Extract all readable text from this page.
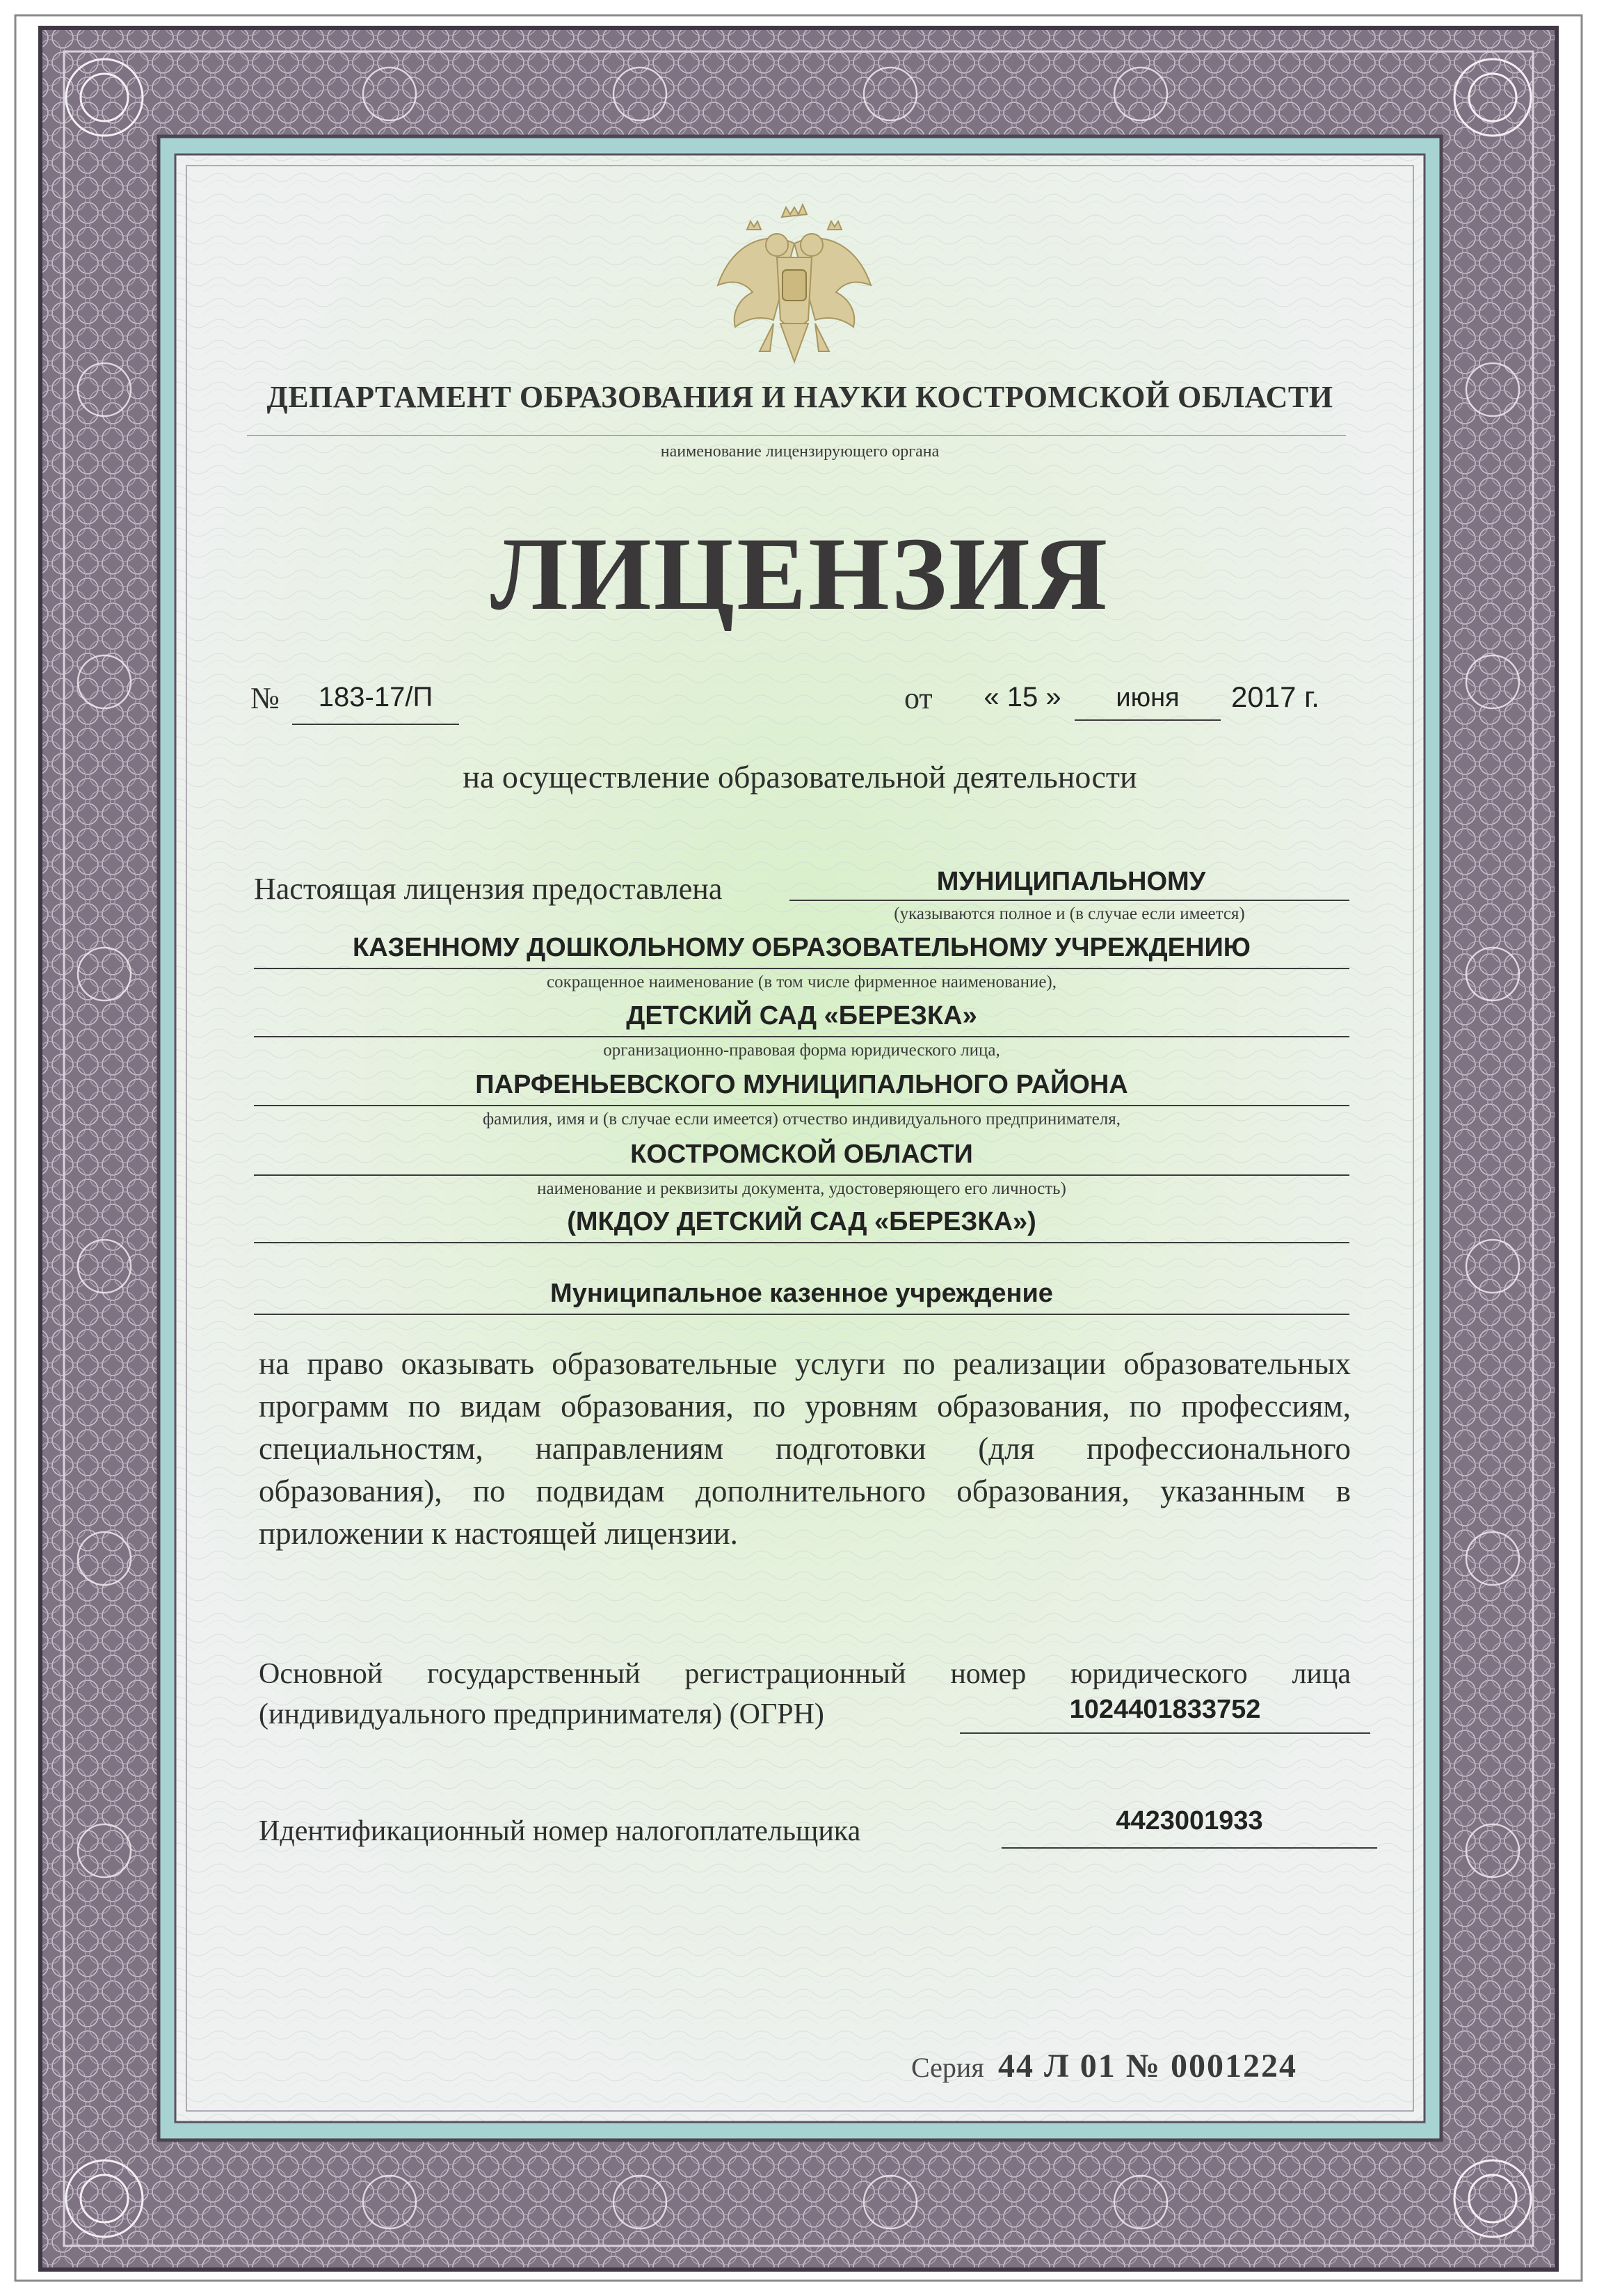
ДЕПАРТАМЕНТ ОБРАЗОВАНИЯ И НАУКИ КОСТРОМСКОЙ ОБЛАСТИ
наименование лицензирующего органа
ЛИЦЕНЗИЯ
№	183-17/П	от	« 15 »	июня	2017 г.
на осуществление образовательной деятельности
Настоящая лицензия предоставлена	МУНИЦИПАЛЬНОМУ
(указываются полное и (в случае если имеется)
КАЗЕННОМУ ДОШКОЛЬНОМУ ОБРАЗОВАТЕЛЬНОМУ УЧРЕЖДЕНИЮ
сокращенное наименование (в том числе фирменное наименование),
ДЕТСКИЙ САД «БЕРЕЗКА»
организационно-правовая форма юридического лица,
ПАРФЕНЬЕВСКОГО МУНИЦИПАЛЬНОГО РАЙОНА
фамилия, имя и (в случае если имеется) отчество индивидуального предпринимателя,
КОСТРОМСКОЙ ОБЛАСТИ
наименование и реквизиты документа, удостоверяющего его личность)
(МКДОУ ДЕТСКИЙ САД «БЕРЕЗКА»)
Муниципальное казенное учреждение
на право оказывать образовательные услуги по реализации образовательных программ по видам образования, по уровням образования, по профессиям, специальностям, направлениям подготовки (для профессионального образования), по подвидам дополнительного образования, указанным в приложении к настоящей лицензии.
Основной государственный регистрационный номер юридического лица
(индивидуального предпринимателя) (ОГРН)	1024401833752
Идентификационный номер налогоплательщика	4423001933
Серия 44 Л 01 № 0001224
